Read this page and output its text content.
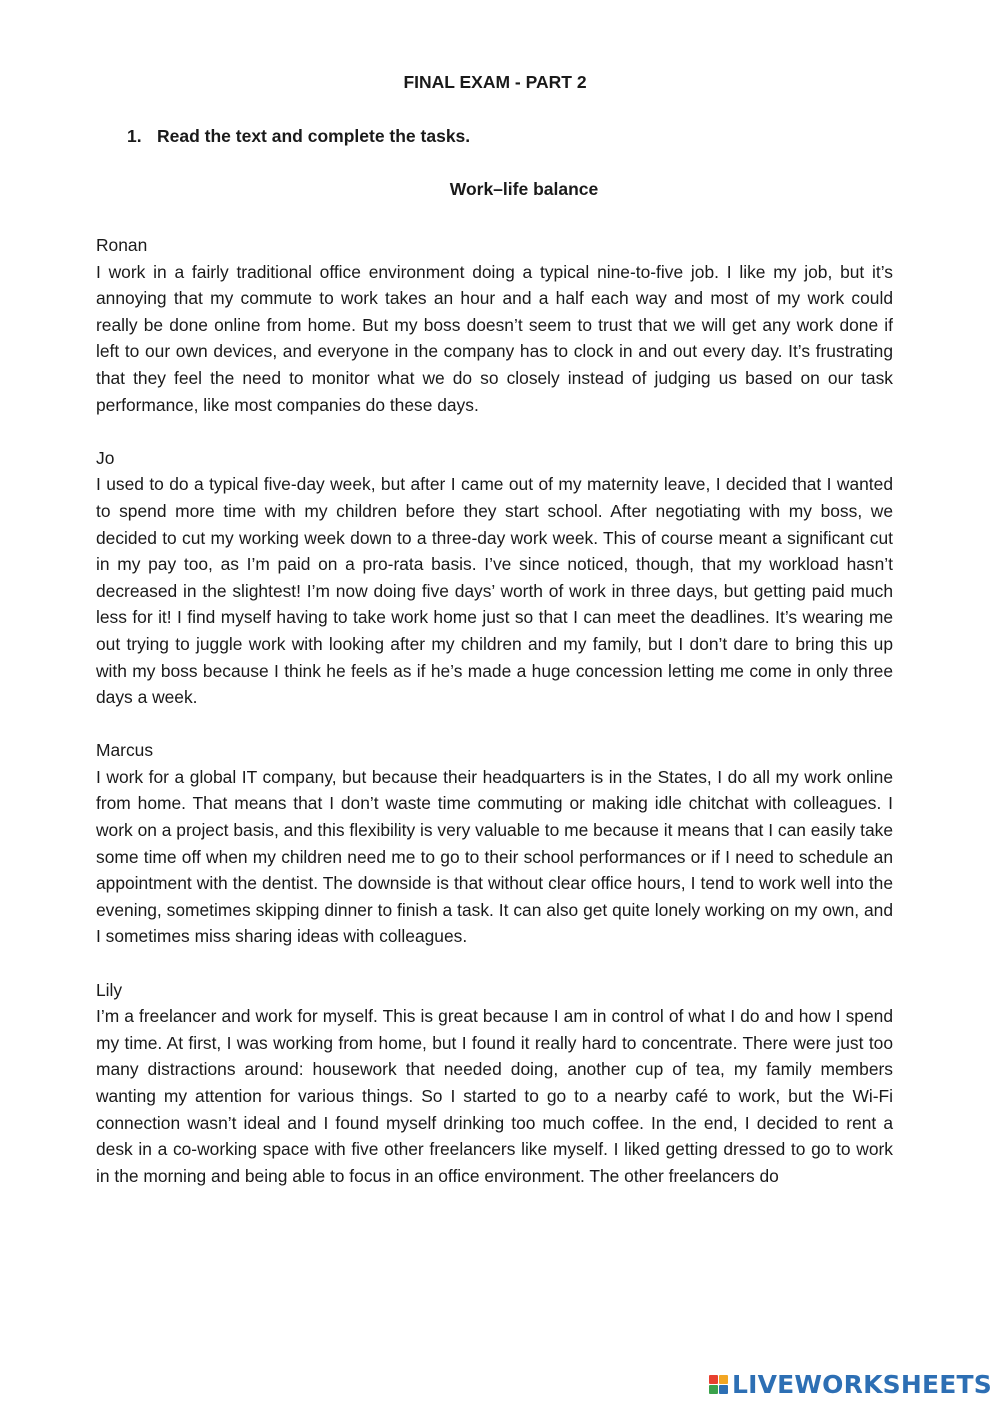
FINAL EXAM - PART 2
1. Read the text and complete the tasks.
Work–life balance
Ronan

I work in a fairly traditional office environment doing a typical nine-to-five job. I like my job, but it’s annoying that my commute to work takes an hour and a half each way and most of my work could really be done online from home. But my boss doesn’t seem to trust that we will get any work done if left to our own devices, and everyone in the company has to clock in and out every day. It’s frustrating that they feel the need to monitor what we do so closely instead of judging us based on our task performance, like most companies do these days.

Jo

I used to do a typical five-day week, but after I came out of my maternity leave, I decided that I wanted to spend more time with my children before they start school. After negotiating with my boss, we decided to cut my working week down to a three-day work week. This of course meant a significant cut in my pay too, as I’m paid on a pro-rata basis. I’ve since noticed, though, that my workload hasn’t decreased in the slightest! I’m now doing five days’ worth of work in three days, but getting paid much less for it! I find myself having to take work home just so that I can meet the deadlines. It’s wearing me out trying to juggle work with looking after my children and my family, but I don’t dare to bring this up with my boss because I think he feels as if he’s made a huge concession letting me come in only three days a week.

Marcus

I work for a global IT company, but because their headquarters is in the States, I do all my work online from home. That means that I don’t waste time commuting or making idle chitchat with colleagues. I work on a project basis, and this flexibility is very valuable to me because it means that I can easily take some time off when my children need me to go to their school performances or if I need to schedule an appointment with the dentist. The downside is that without clear office hours, I tend to work well into the evening, sometimes skipping dinner to finish a task. It can also get quite lonely working on my own, and I sometimes miss sharing ideas with colleagues.

Lily

I’m a freelancer and work for myself. This is great because I am in control of what I do and how I spend my time. At first, I was working from home, but I found it really hard to concentrate. There were just too many distractions around: housework that needed doing, another cup of tea, my family members wanting my attention for various things. So I started to go to a nearby café to work, but the Wi-Fi connection wasn’t ideal and I found myself drinking too much coffee. In the end, I decided to rent a desk in a co-working space with five other freelancers like myself. I liked getting dressed to go to work in the morning and being able to focus in an office environment. The other freelancers do

LIVEWORKSHEETS
